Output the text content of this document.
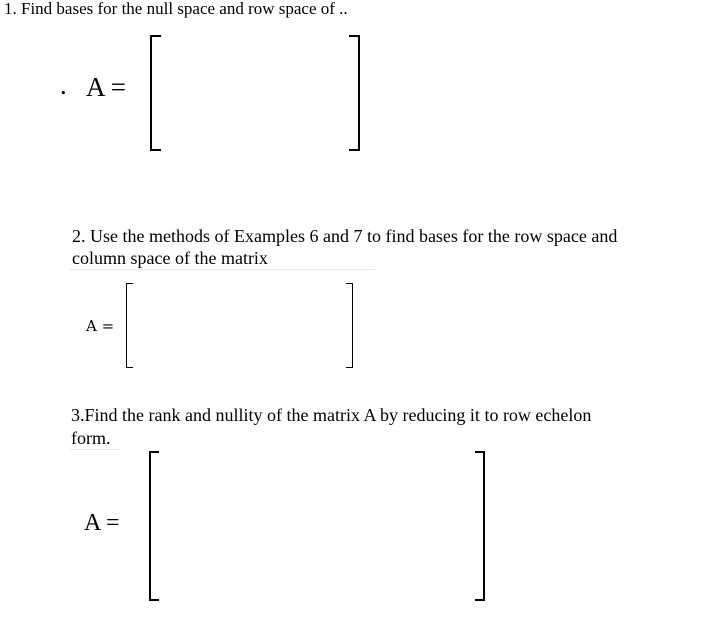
1. Find bases for the null space and row space of ..
. A =
2. Use the methods of Examples 6 and 7 to find bases for the row space and
column space of the matrix
A =
3.Find the rank and nullity of the matrix A by reducing it to row echelon
form.
A =
